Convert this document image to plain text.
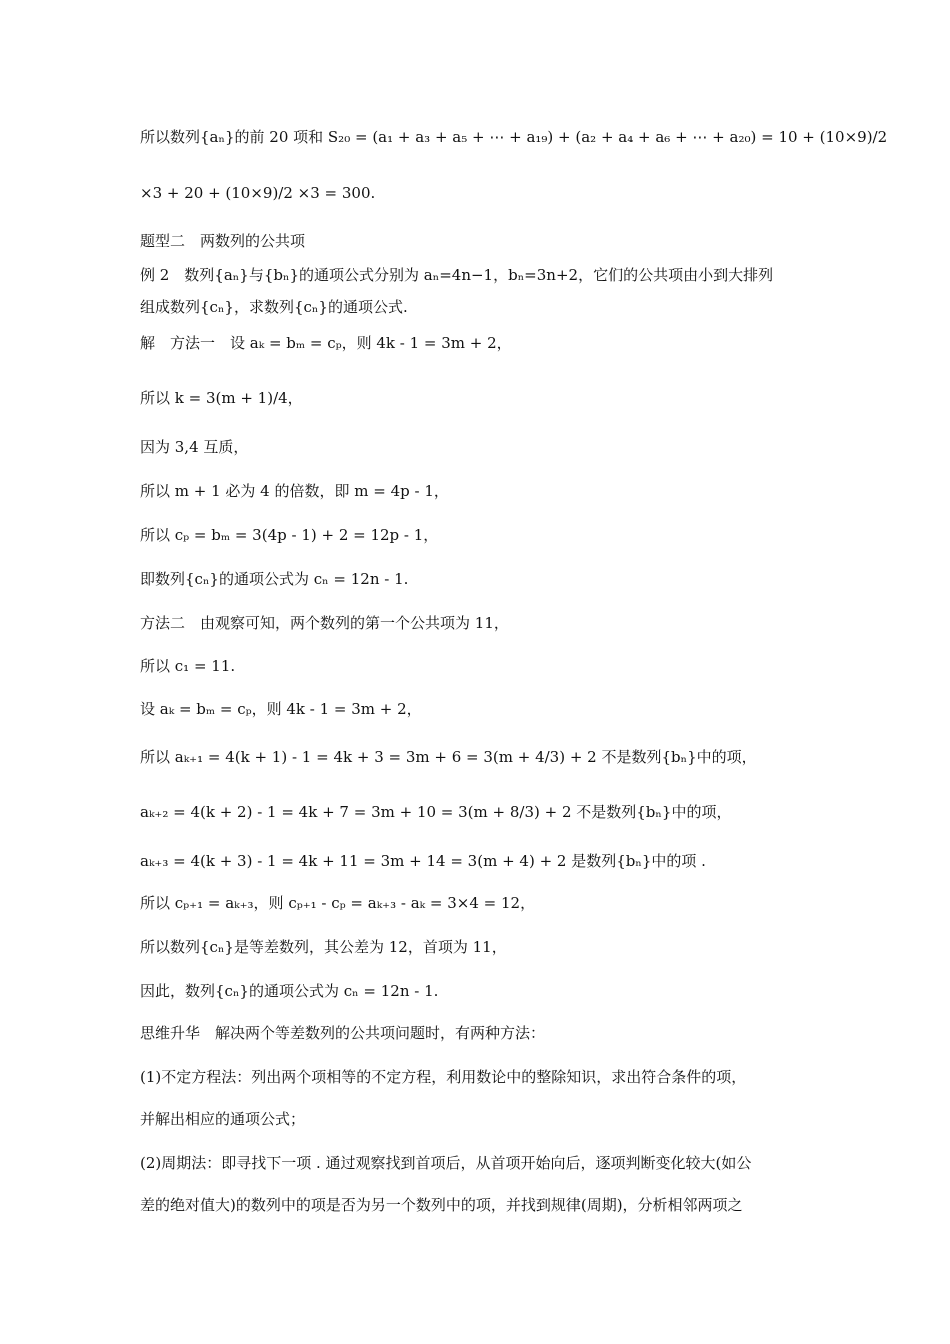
所以数列{aₙ}的前 20 项和 S₂₀ = (a₁ + a₃ + a₅ + ⋯ + a₁₉) + (a₂ + a₄ + a₆ + ⋯ + a₂₀) = 10 + (10×9)/2
×3 + 20 + (10×9)/2 ×3 = 300.
题型二　两数列的公共项
例 2　数列{aₙ}与{bₙ}的通项公式分别为 aₙ=4n−1，bₙ=3n+2，它们的公共项由小到大排列
组成数列{cₙ}，求数列{cₙ}的通项公式.
解　方法一　设 aₖ = bₘ = cₚ，则 4k - 1 = 3m + 2，
所以 k = 3(m + 1)/4，
因为 3,4 互质，
所以 m + 1 必为 4 的倍数，即 m = 4p - 1，
所以 cₚ = bₘ = 3(4p - 1) + 2 = 12p - 1，
即数列{cₙ}的通项公式为 cₙ = 12n - 1.
方法二　由观察可知，两个数列的第一个公共项为 11，
所以 c₁ = 11.
设 aₖ = bₘ = cₚ，则 4k - 1 = 3m + 2，
所以 aₖ₊₁ = 4(k + 1) - 1 = 4k + 3 = 3m + 6 = 3(m + 4/3) + 2 不是数列{bₙ}中的项，
aₖ₊₂ = 4(k + 2) - 1 = 4k + 7 = 3m + 10 = 3(m + 8/3) + 2 不是数列{bₙ}中的项，
aₖ₊₃ = 4(k + 3) - 1 = 4k + 11 = 3m + 14 = 3(m + 4) + 2 是数列{bₙ}中的项 .
所以 cₚ₊₁ = aₖ₊₃，则 cₚ₊₁ - cₚ = aₖ₊₃ - aₖ = 3×4 = 12，
所以数列{cₙ}是等差数列，其公差为 12，首项为 11，
因此，数列{cₙ}的通项公式为 cₙ = 12n - 1.
思维升华　解决两个等差数列的公共项问题时，有两种方法：
(1)不定方程法：列出两个项相等的不定方程，利用数论中的整除知识，求出符合条件的项，
并解出相应的通项公式；
(2)周期法：即寻找下一项 . 通过观察找到首项后，从首项开始向后，逐项判断变化较大(如公
差的绝对值大)的数列中的项是否为另一个数列中的项，并找到规律(周期)，分析相邻两项之
